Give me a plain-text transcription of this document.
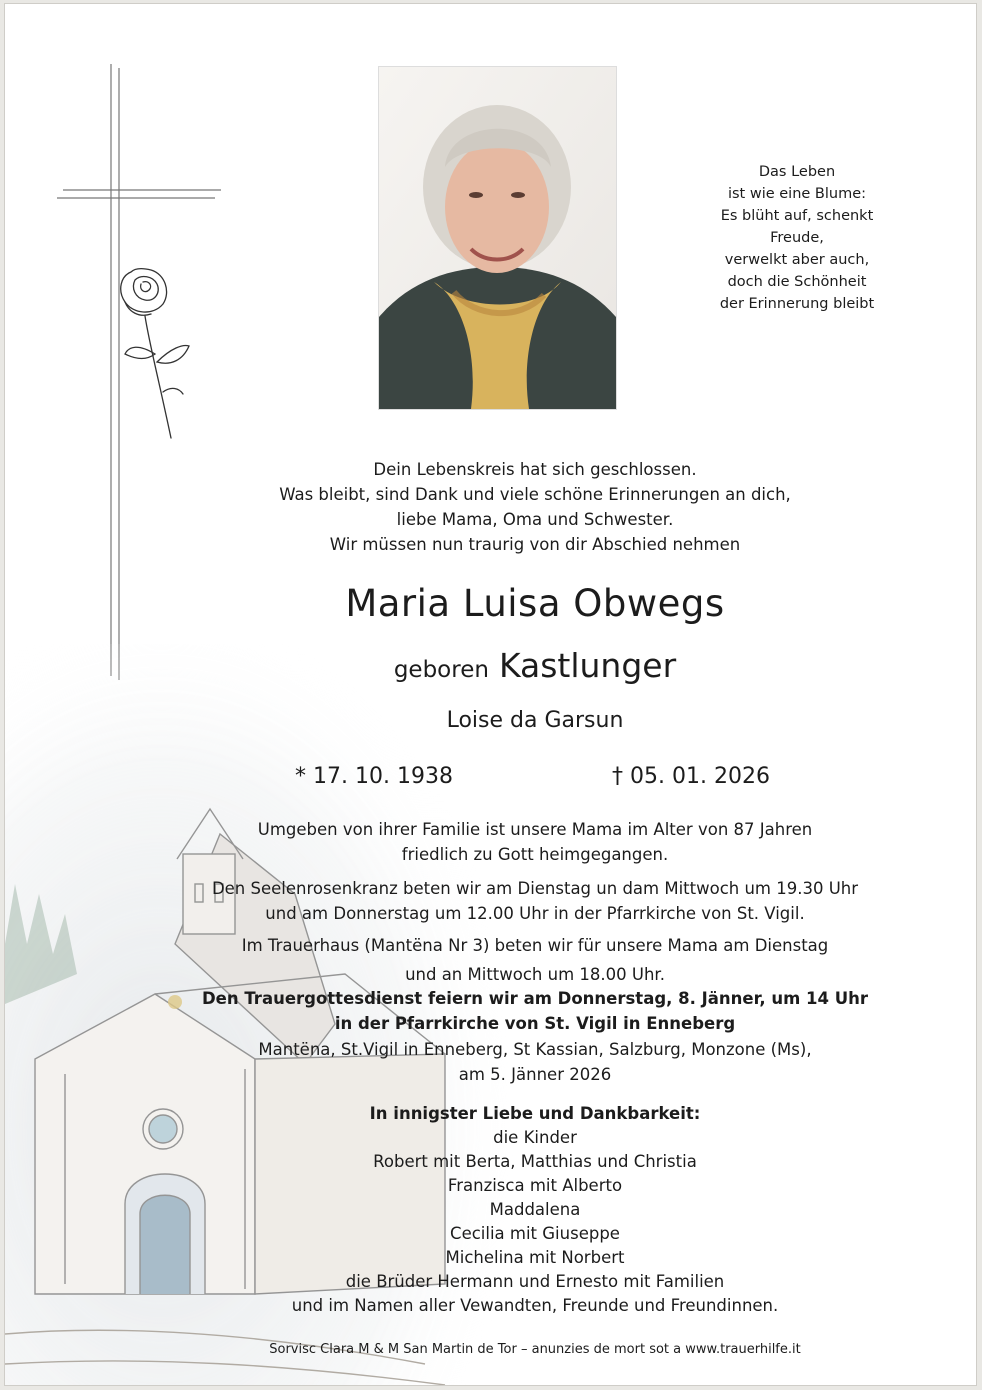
Das Leben
ist wie eine Blume:
Es blüht auf, schenkt
Freude,
verwelkt aber auch,
doch die Schönheit
der Erinnerung bleibt
Dein Lebenskreis hat sich geschlossen.
Was bleibt, sind Dank und viele schöne Erinnerungen an dich,
liebe Mama, Oma und Schwester.
Wir müssen nun traurig von dir Abschied nehmen
Maria Luisa Obwegs
geboren Kastlunger
Loise da Garsun
* 17. 10. 1938	† 05. 01. 2026
Umgeben von ihrer Familie ist unsere Mama im Alter von 87 Jahren
friedlich zu Gott heimgegangen.
Den Seelenrosenkranz beten wir am Dienstag un dam Mittwoch um 19.30 Uhr
und am Donnerstag um 12.00 Uhr in der Pfarrkirche von St. Vigil.
Im Trauerhaus (Mantëna Nr 3) beten wir für unsere Mama am Dienstag
und an Mittwoch um 18.00 Uhr.
Den Trauergottesdienst feiern wir am Donnerstag, 8. Jänner, um 14 Uhr
in der Pfarrkirche von St. Vigil in Enneberg
Mantëna, St.Vigil in Enneberg, St Kassian, Salzburg, Monzone (Ms),
am 5. Jänner 2026
In innigster Liebe und Dankbarkeit:
die Kinder
Robert mit Berta, Matthias und Christia
Franzisca mit Alberto
Maddalena
Cecilia mit Giuseppe
Michelina mit Norbert
die Brüder Hermann und Ernesto mit Familien
und im Namen aller Vewandten, Freunde und Freundinnen.
Sorvisc Clara M & M San Martin de Tor – anunzies de mort sot a www.trauerhilfe.it
